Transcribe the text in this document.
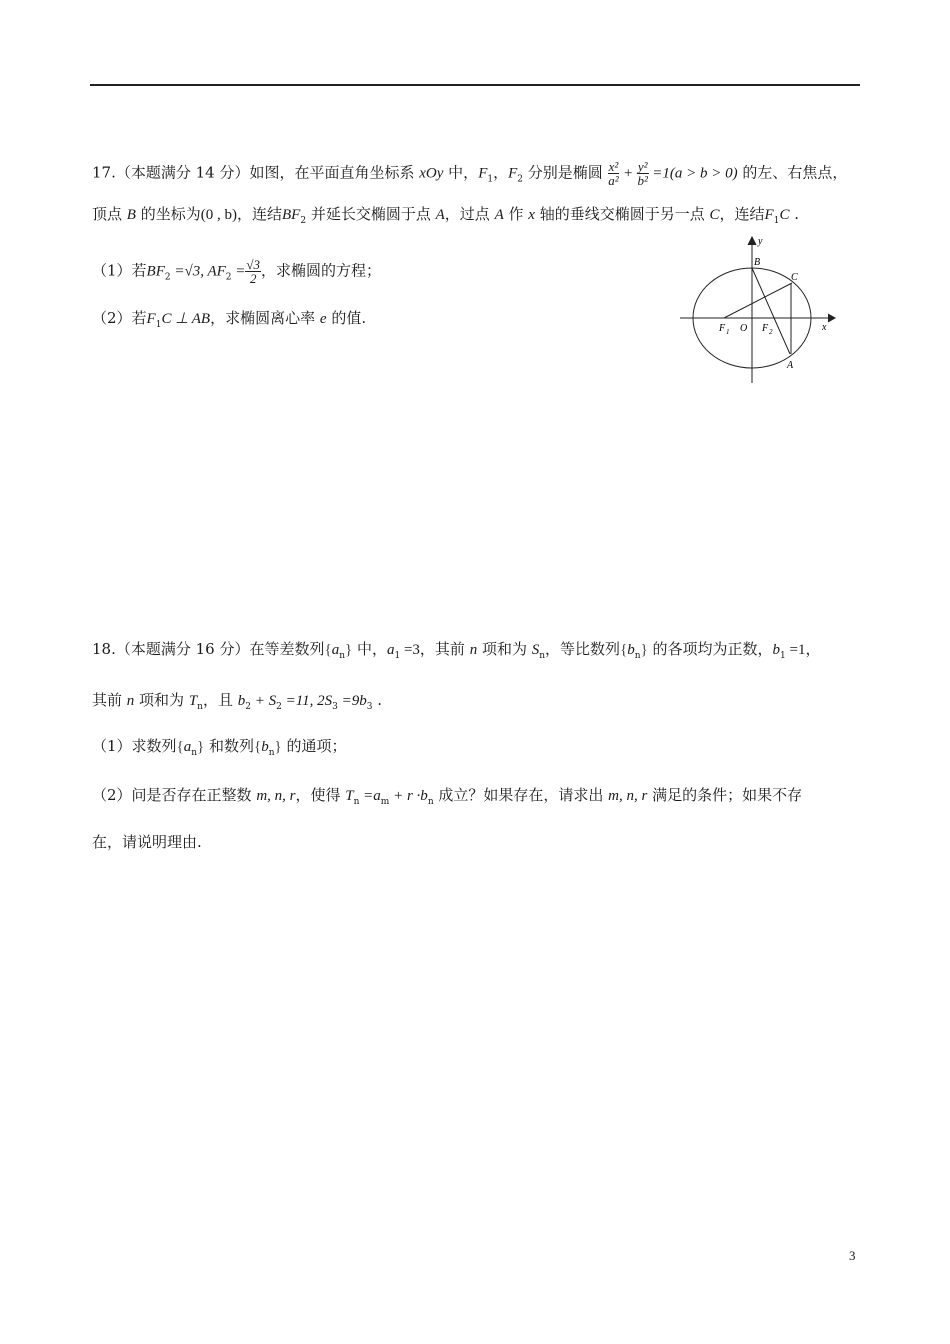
17.（本题满分 14 分）如图，在平面直角坐标系 xOy 中，$F_1$，$F_2$ 分别是椭圆 $\frac{\text{x²}}{\text{a²}} + \frac{\text{y²}}{\text{b²}} =1(a > b > 0)$ 的左、右焦点，
顶点 B 的坐标为(0 , b)，连结$BF_2$ 并延长交椭圆于点 A，过点 A 作 x 轴的垂线交椭圆于另一点 C，连结$F_1C$ .
（1）若$BF_2 =√3$, $AF_2 = \frac{√3}{2}$ ，求椭圆的方程；
（2）若$F_1C$ ⊥ AB，求椭圆离心率 e 的值.
y
B
C
F 1 O F 2	x
A
18.（本题满分 16 分）在等差数列$\{a_n\}$ 中，$a_1 =3$，其前 n 项和为 $S_n$，等比数列$\{b_n\}$ 的各项均为正数，$b_1 =1$，
其前 n 项和为 $T_n$，且 $b_2 + S_2 =11$, $2S_3 =9b_3$ .
（1）求数列$\{a_n\}$ 和数列$\{b_n\}$ 的通项；
（2）问是否存在正整数 m, n, r，使得 $T_n =a_m + r \cdot b_n$ 成立？如果存在，请求出 m, n, r 满足的条件；如果不存
在，请说明理由.
3
